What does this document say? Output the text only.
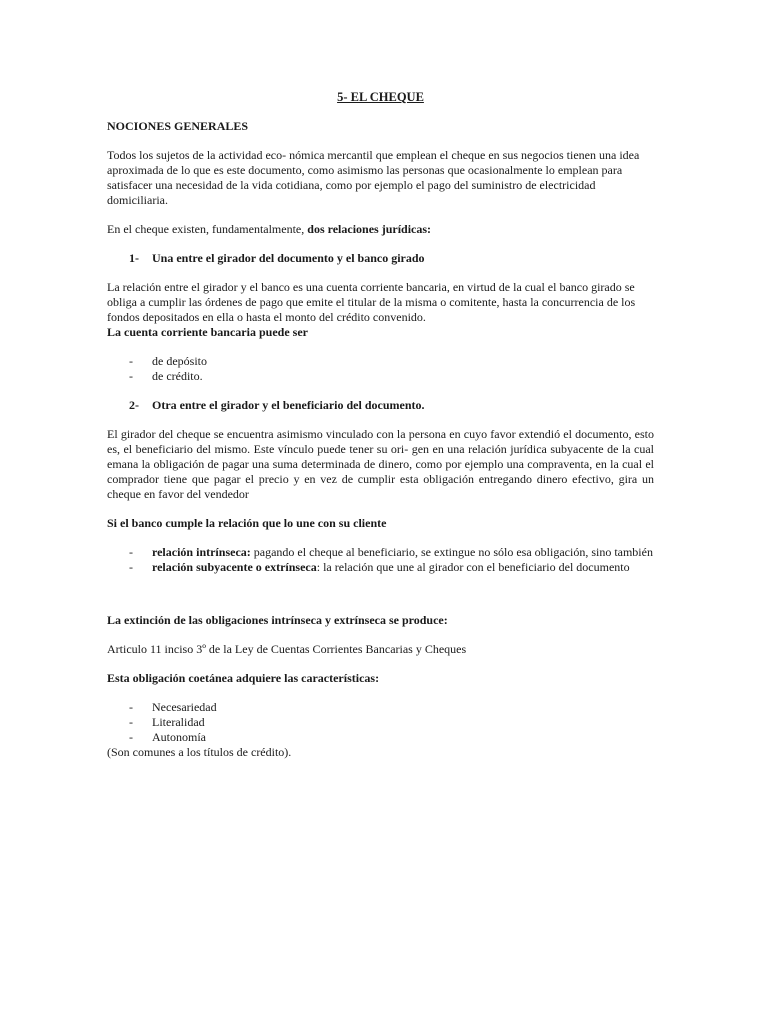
5- EL CHEQUE

NOCIONES GENERALES

Todos los sujetos de la actividad eco- nómica mercantil que emplean el cheque en sus negocios tienen una idea aproximada de lo que es este documento, como asimismo las personas que ocasionalmente lo emplean para satisfacer una necesidad de la vida cotidiana, como por ejemplo el pago del suministro de electricidad domiciliaria.

En el cheque existen, fundamentalmente, dos relaciones jurídicas:

1-	Una entre el girador del documento y el banco girado

La relación entre el girador y el banco es una cuenta corriente bancaria, en virtud de la cual el banco girado se obliga a cumplir las órdenes de pago que emite el titular de la misma o comitente, hasta la concurrencia de los fondos depositados en ella o hasta el monto del crédito convenido.

La cuenta corriente bancaria puede ser

-	de depósito
-	de crédito.
2-	Otra entre el girador y el beneficiario del documento.

El girador del cheque se encuentra asimismo vinculado con la persona en cuyo favor extendió el documento, esto es, el beneficiario del mismo. Este vínculo puede tener su ori- gen en una relación jurídica subyacente de la cual emana la obligación de pagar una suma determinada de dinero, como por ejemplo una compraventa, en la cual el comprador tiene que pagar el precio y en vez de cumplir esta obligación entregando dinero efectivo, gira un cheque en favor del vendedor

Si el banco cumple la relación que lo une con su cliente

-	relación intrínseca: pagando el cheque al beneficiario, se extingue no sólo esa obligación, sino también
-	relación subyacente o extrínseca: la relación que une al girador con el beneficiario del documento

La extinción de las obligaciones intrínseca y extrínseca se produce:

Articulo 11 inciso 3º de la Ley de Cuentas Corrientes Bancarias y Cheques

Esta obligación coetánea adquiere las características:

-	Necesariedad
-	Literalidad
-	Autonomía

(Son comunes a los títulos de crédito).
